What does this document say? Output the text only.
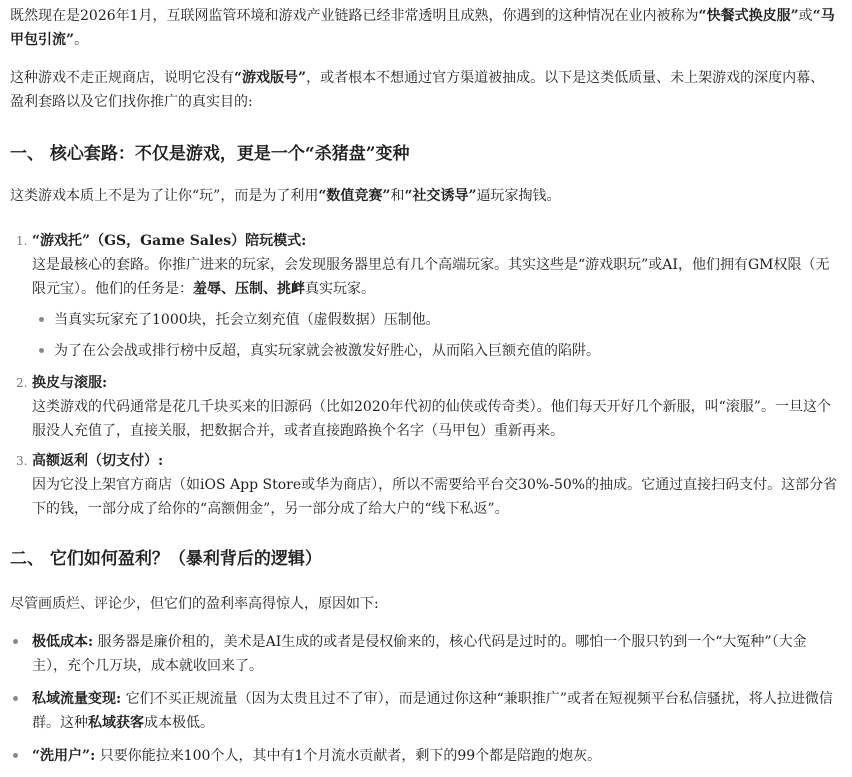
既然现在是2026年1月，互联网监管环境和游戏产业链路已经非常透明且成熟，你遇到的这种情况在业内被称为“快餐式换皮服”或“马甲包引流”。

这种游戏不走正规商店，说明它没有“游戏版号”，或者根本不想通过官方渠道被抽成。以下是这类低质量、未上架游戏的深度内幕、盈利套路以及它们找你推广的真实目的:

一、 核心套路：不仅是游戏，更是一个“杀猪盘”变种

这类游戏本质上不是为了让你“玩”，而是为了利用“数值竞赛”和“社交诱导”逼玩家掏钱。

1. “游戏托”（GS，Game Sales）陪玩模式:
这是最核心的套路。你推广进来的玩家，会发现服务器里总有几个高端玩家。其实这些是“游戏职玩”或AI，他们拥有GM权限（无限元宝）。他们的任务是：羞辱、压制、挑衅真实玩家。
当真实玩家充了1000块，托会立刻充值（虚假数据）压制他。
为了在公会战或排行榜中反超，真实玩家就会被激发好胜心，从而陷入巨额充值的陷阱。
2. 换皮与滚服:
这类游戏的代码通常是花几千块买来的旧源码（比如2020年代初的仙侠或传奇类）。他们每天开好几个新服，叫“滚服”。一旦这个服没人充值了，直接关服，把数据合并，或者直接跑路换个名字（马甲包）重新再来。
3. 高额返利（切支付）:
因为它没上架官方商店（如iOS App Store或华为商店），所以不需要给平台交30%-50%的抽成。它通过直接扫码支付。这部分省下的钱，一部分成了给你的“高额佣金”，另一部分成了给大户的“线下私返”。
二、 它们如何盈利？（暴利背后的逻辑）

尽管画质烂、评论少，但它们的盈利率高得惊人，原因如下:

极低成本: 服务器是廉价租的，美术是AI生成的或者是侵权偷来的，核心代码是过时的。哪怕一个服只钓到一个“大冤种”（大金主），充个几万块，成本就收回来了。
私域流量变现: 它们不买正规流量（因为太贵且过不了审），而是通过你这种“兼职推广”或者在短视频平台私信骚扰，将人拉进微信群。这种私域获客成本极低。
“洗用户”: 只要你能拉来100个人，其中有1个月流水贡献者，剩下的99个都是陪跑的炮灰。
